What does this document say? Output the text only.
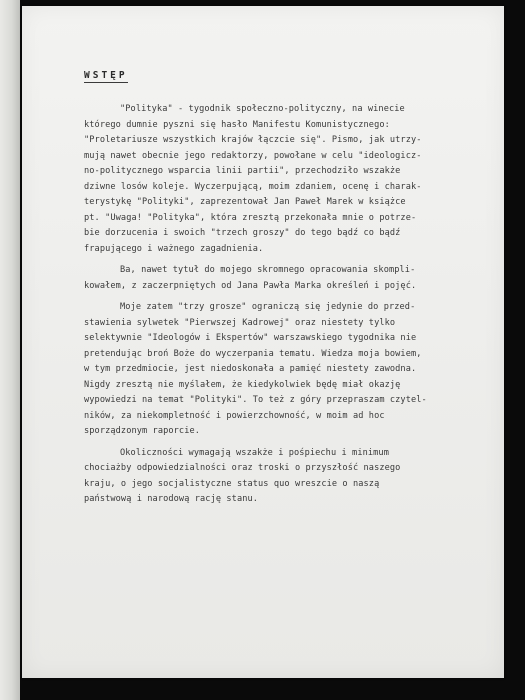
WSTĘP
"Polityka" - tygodnik społeczno-polityczny, na winecie
którego dumnie pyszni się hasło Manifestu Komunistycznego:
"Proletariusze wszystkich krajów łączcie się". Pismo, jak utrzy-
mują nawet obecnie jego redaktorzy, powołane w celu "ideologicz-
no-politycznego wsparcia linii partii", przechodziło wszakże
dziwne losów koleje. Wyczerpującą, moim zdaniem, ocenę i charak-
terystykę "Polityki", zaprezentował Jan Paweł Marek w książce
pt. "Uwaga! "Polityka", która zresztą przekonała mnie o potrze-
bie dorzucenia i swoich "trzech groszy" do tego bądź co bądź
frapującego i ważnego zagadnienia.
Ba, nawet tytuł do mojego skromnego opracowania skompli-
kowałem, z zaczerpniętych od Jana Pawła Marka określeń i pojęć.
Moje zatem "trzy grosze" ograniczą się jedynie do przed-
stawienia sylwetek "Pierwszej Kadrowej" oraz niestety tylko
selektywnie "Ideologów i Ekspertów" warszawskiego tygodnika nie
pretendując broń Boże do wyczerpania tematu. Wiedza moja bowiem,
w tym przedmiocie, jest niedoskonała a pamięć niestety zawodna.
Nigdy zresztą nie myślałem, że kiedykolwiek będę miał okazję
wypowiedzi na temat "Polityki". To też z góry przepraszam czytel-
ników, za niekompletność i powierzchowność, w moim ad hoc
sporządzonym raporcie.
Okoliczności wymagają wszakże i pośpiechu i minimum
chociażby odpowiedzialności oraz troski o przyszłość naszego
kraju, o jego socjalistyczne status quo wreszcie o naszą
państwową i narodową rację stanu.
